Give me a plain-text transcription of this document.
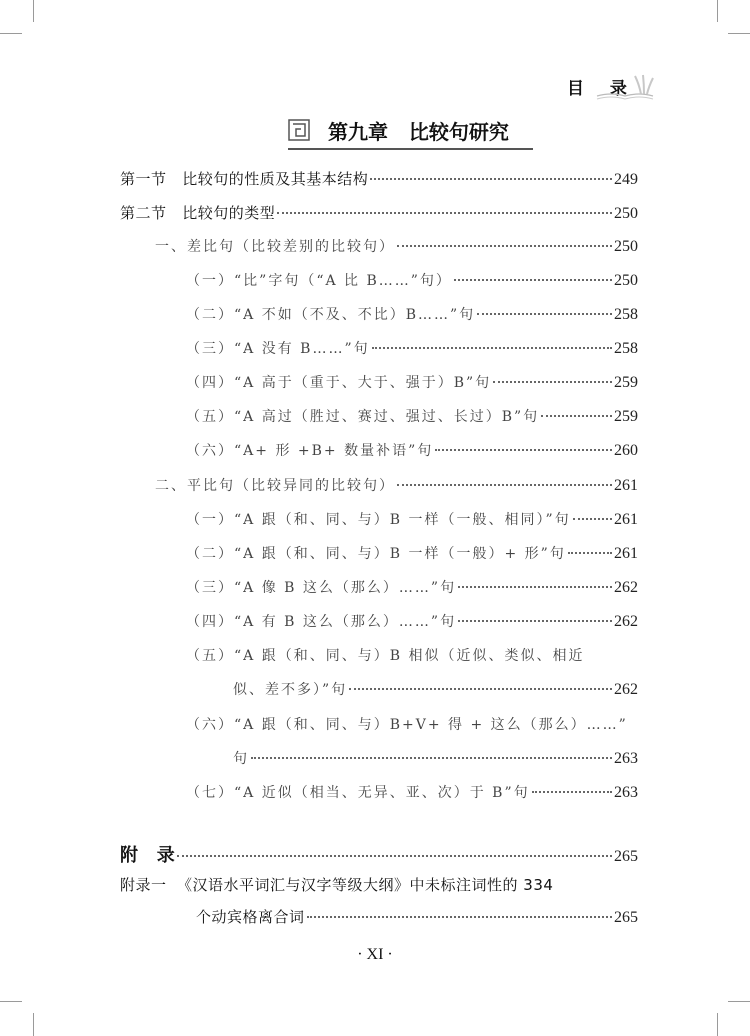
目 录
第九章   比较句研究
第一节   比较句的性质及其基本结构	249
第二节   比较句的类型	250
一、差比句（比较差别的比较句）	250
（一）“比”字句（“A 比 B……”句）	250
（二）“A 不如（不及、不比）B……”句	258
（三）“A 没有 B……”句	258
（四）“A 高于（重于、大于、强于）B”句	259
（五）“A 高过（胜过、赛过、强过、长过）B”句	259
（六）“A+ 形 +B+ 数量补语”句	260
二、平比句（比较异同的比较句）	261
（一）“A 跟（和、同、与）B 一样（一般、相同）”句	261
（二）“A 跟（和、同、与）B 一样（一般）+ 形”句	261
（三）“A 像 B 这么（那么）……”句	262
（四）“A 有 B 这么（那么）……”句	262
（五）“A 跟（和、同、与）B 相似（近似、类似、相近
似、差不多）”句	262
（六）“A 跟（和、同、与）B+V+ 得 + 这么（那么）……”
句	263
（七）“A 近似（相当、无异、亚、次）于 B”句	263
附   录	265
附录一  《汉语水平词汇与汉字等级大纲》中未标注词性的 334
个动宾格离合词	265
· XI ·
